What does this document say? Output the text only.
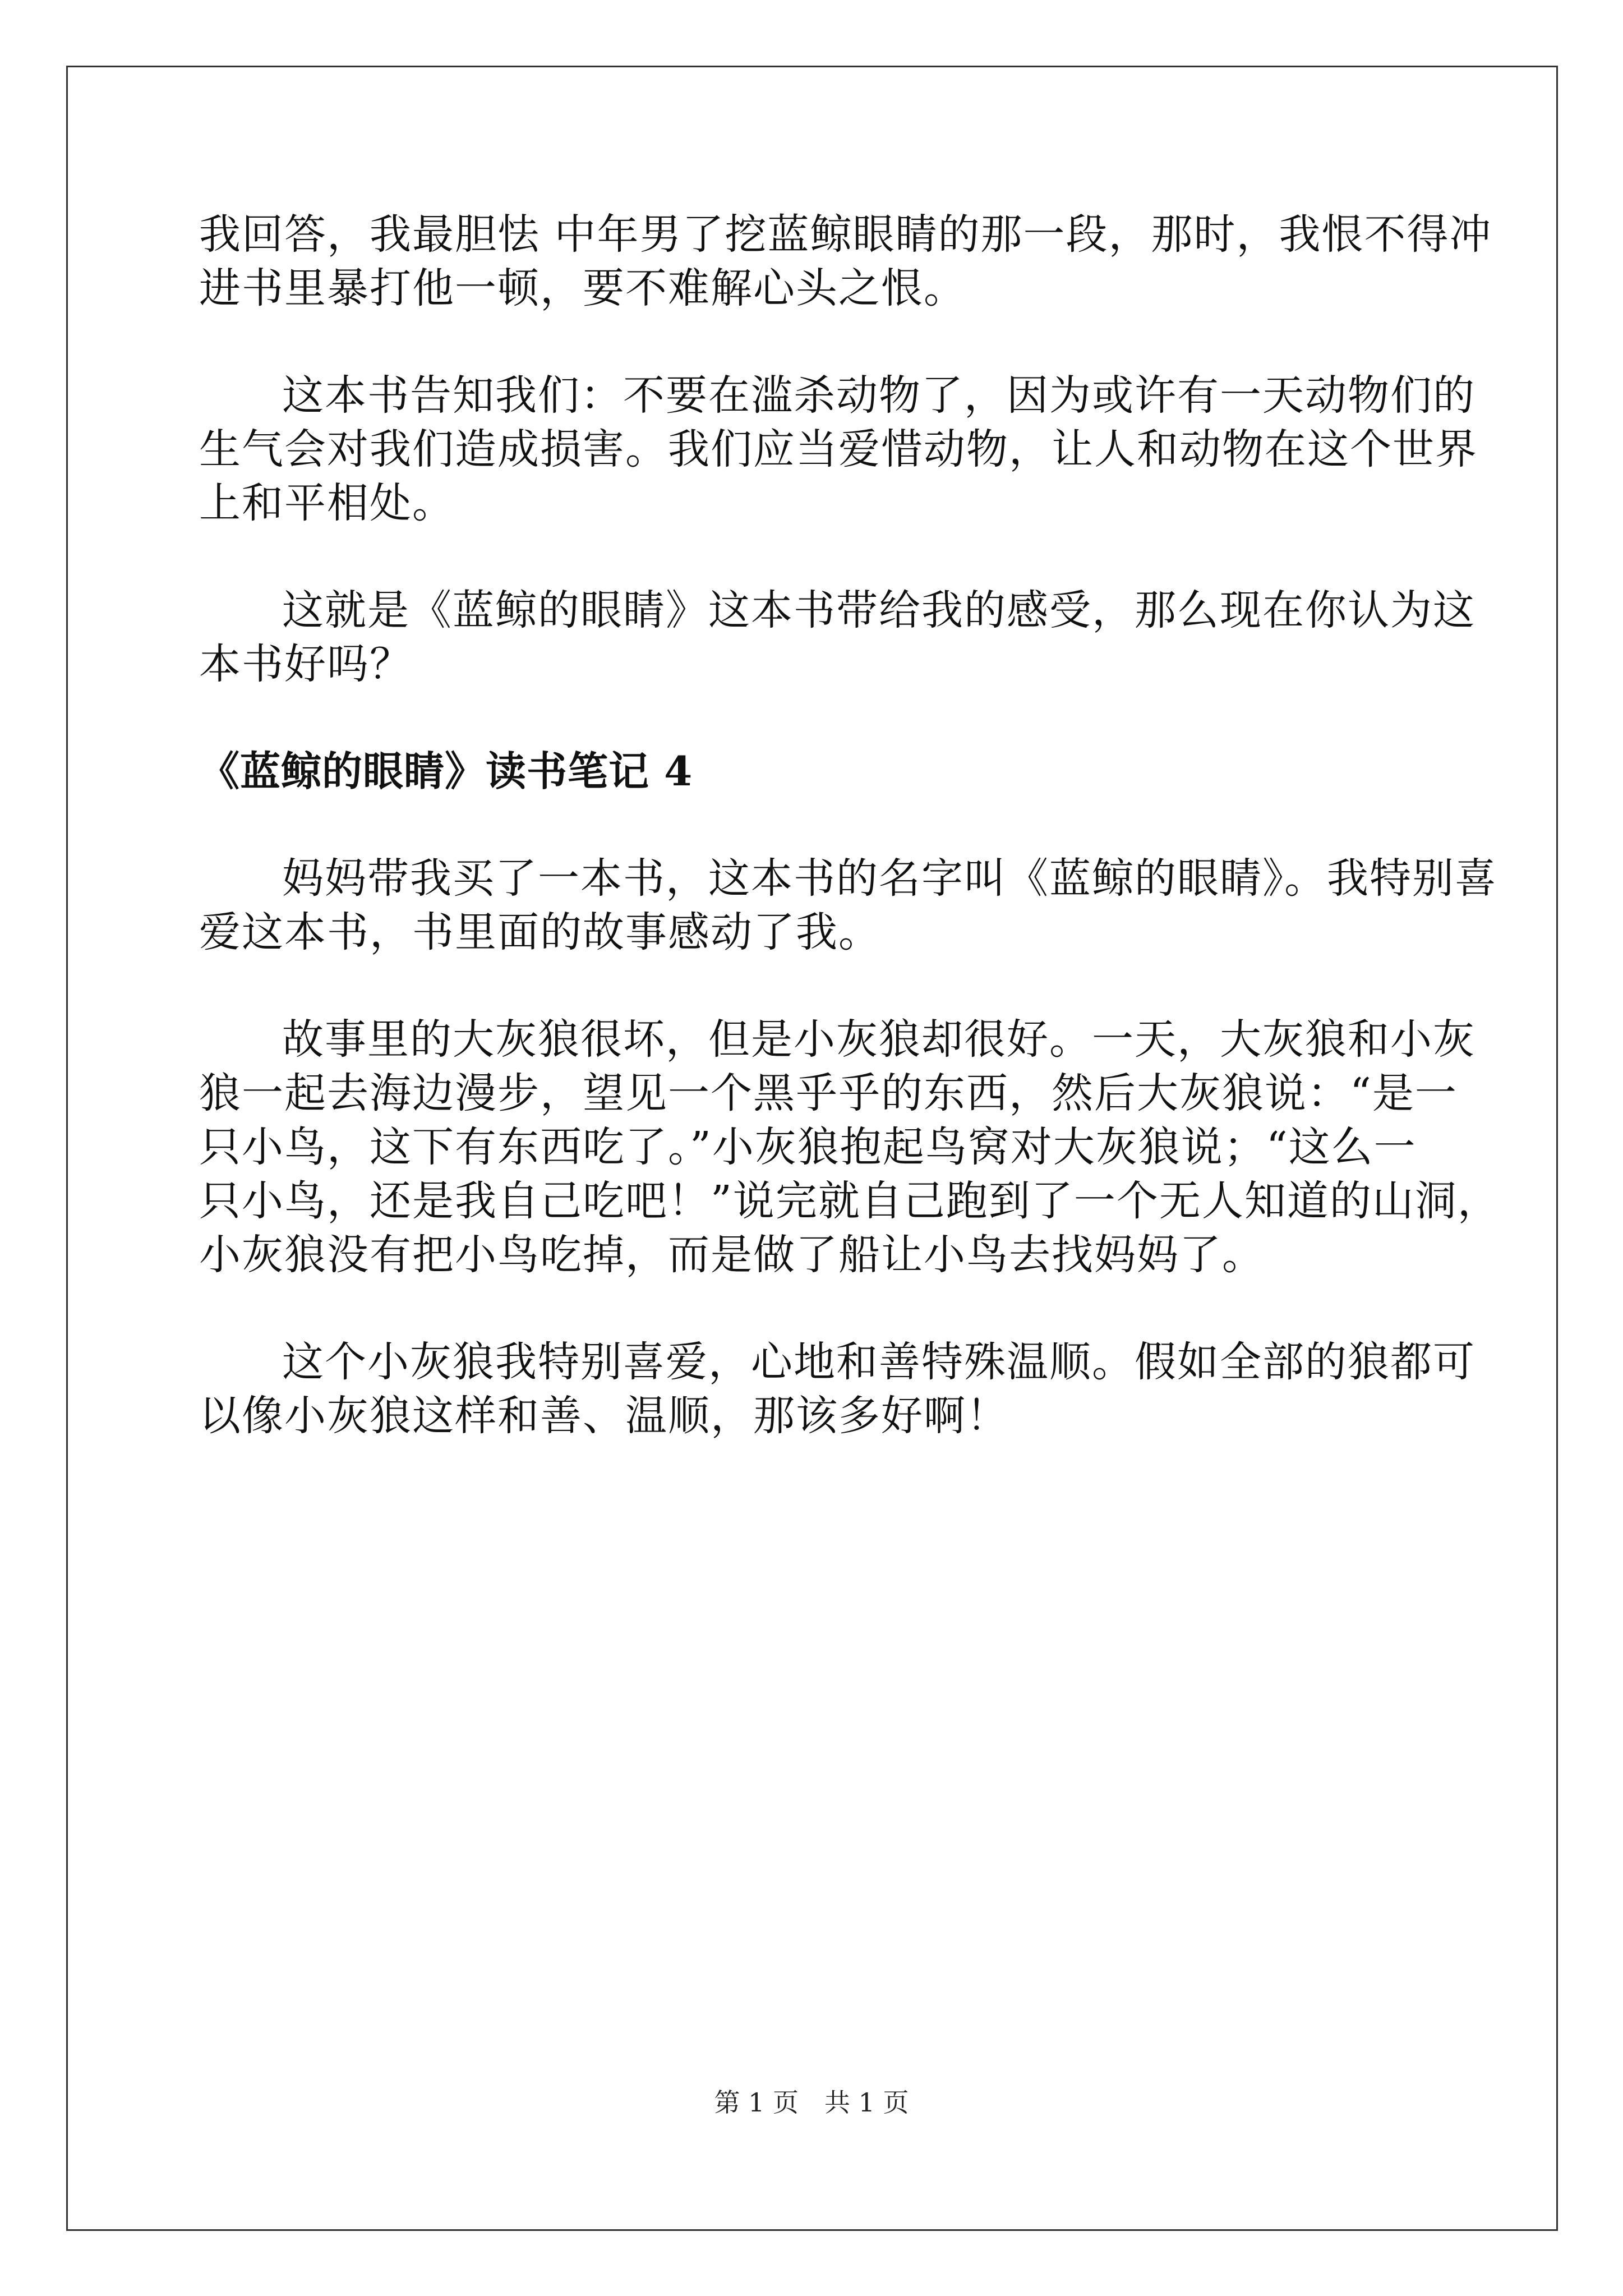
我回答，我最胆怯 中年男了挖蓝鲸眼睛的那一段，那时，我恨不得冲

进书里暴打他一顿，要不难解心头之恨。

这本书告知我们：不要在滥杀动物了，因为或许有一天动物们的

生气会对我们造成损害。我们应当爱惜动物，让人和动物在这个世界

上和平相处。

这就是《蓝鲸的眼睛》这本书带给我的感受，那么现在你认为这

本书好吗？

《蓝鲸的眼睛》读书笔记 4

妈妈带我买了一本书，这本书的名字叫《蓝鲸的眼睛》。我特别喜

爱这本书，书里面的故事感动了我。

故事里的大灰狼很坏，但是小灰狼却很好。一天，大灰狼和小灰

狼一起去海边漫步，望见一个黑乎乎的东西，然后大灰狼说：“是一

只小鸟，这下有东西吃了。”小灰狼抱起鸟窝对大灰狼说；“这么一

只小鸟，还是我自己吃吧！”说完就自己跑到了一个无人知道的山洞，

小灰狼没有把小鸟吃掉，而是做了船让小鸟去找妈妈了。

这个小灰狼我特别喜爱，心地和善特殊温顺。假如全部的狼都可

以像小灰狼这样和善、温顺，那该多好啊！

第 1 页　共 1 页
